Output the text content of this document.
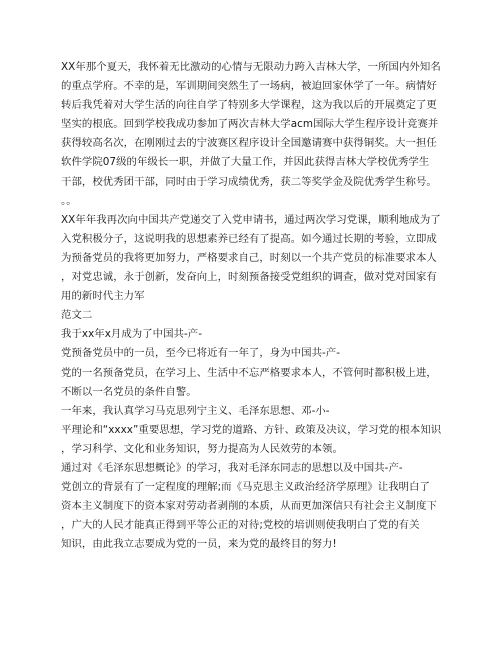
XX年那个夏天，我怀着无比激动的心情与无限动力跨入吉林大学，一所国内外知名
的重点学府。不幸的是，军训期间突然生了一场病，被迫回家休学了一年。病情好
转后我凭着对大学生活的向往自学了特别多大学课程，这为我以后的开展奠定了更
坚实的根底。回到学校我成功参加了两次吉林大学acm国际大学生程序设计竞赛并
获得较高名次，在刚刚过去的宁波赛区程序设计全国邀请赛中获得铜奖。大一担任
软件学院07级的年级长一职，并做了大量工作，并因此获得吉林大学校优秀学生
干部，校优秀团干部，同时由于学习成绩优秀，获二等奖学金及院优秀学生称号。
。。
XX年年我再次向中国共产党递交了入党申请书，通过两次学习党课，顺利地成为了
入党积极分子，这说明我的思想素养已经有了提高。如今通过长期的考验，立即成
为预备党员的我将更加努力，严格要求自己，时刻以一个共产党员的标准要求本人
，对党忠诚，永于创新，发奋向上，时刻预备接受党组织的调查，做对党对国家有
用的新时代主力军
范文二
我于xx年x月成为了中国共-产-
党预备党员中的一员，至今已将近有一年了，身为中国共-产-
党的一名预备党员，在学习上、生活中不忘严格要求本人，不管何时都积极上进，
不断以一名党员的条件自警。
一年来，我认真学习马克思列宁主义、毛泽东思想、邓-小-
平理论和“xxxx”重要思想，学习党的道路、方针、政策及决议，学习党的根本知识
，学习科学、文化和业务知识，努力提高为人民效劳的本领。
通过对《毛泽东思想概论》的学习，我对毛泽东同志的思想以及中国共-产-
党创立的背景有了一定程度的理解;而《马克思主义政治经济学原理》让我明白了
资本主义制度下的资本家对劳动者剥削的本质，从而更加深信只有社会主义制度下
，广大的人民才能真正得到平等公正的对待;党校的培训则使我明白了党的有关
知识，由此我立志要成为党的一员，来为党的最终目的努力!
